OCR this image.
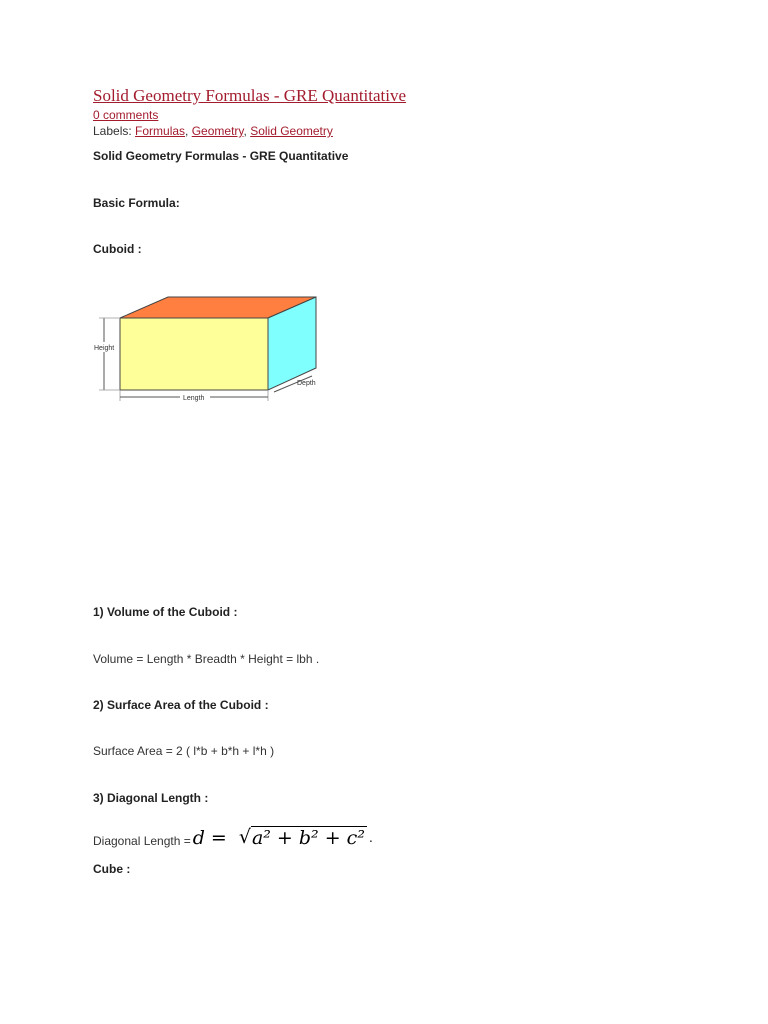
Solid Geometry Formulas - GRE Quantitative
0 comments
Labels: Formulas, Geometry, Solid Geometry
Solid Geometry Formulas - GRE Quantitative
Basic Formula:
Cuboid :
Height
Length
Depth
1) Volume of the Cuboid :
Volume = Length * Breadth * Height = lbh .
2) Surface Area of the Cuboid :
Surface Area = 2 ( l*b + b*h + l*h )
3) Diagonal Length :
Diagonal Length = d = √ a² + b² + c² .
Cube :
